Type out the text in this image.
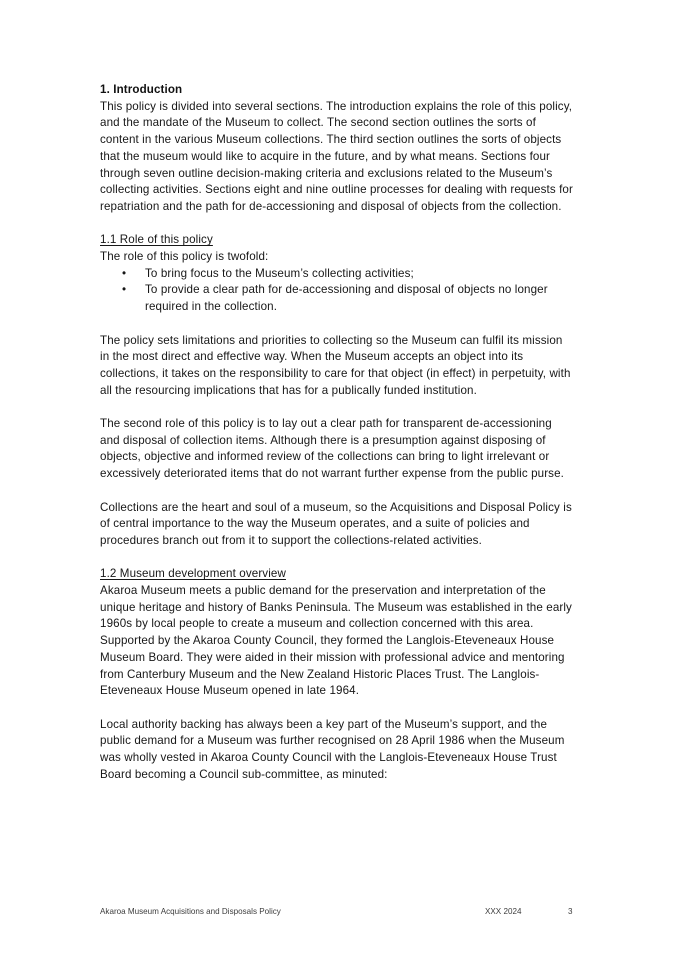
1. Introduction

This policy is divided into several sections. The introduction explains the role of this policy, and the mandate of the Museum to collect. The second section outlines the sorts of content in the various Museum collections. The third section outlines the sorts of objects that the museum would like to acquire in the future, and by what means. Sections four through seven outline decision-making criteria and exclusions related to the Museum’s collecting activities. Sections eight and nine outline processes for dealing with requests for repatriation and the path for de-accessioning and disposal of objects from the collection.

1.1 Role of this policy

The role of this policy is twofold:

• To bring focus to the Museum’s collecting activities;
• To provide a clear path for de-accessioning and disposal of objects no longer required in the collection.

The policy sets limitations and priorities to collecting so the Museum can fulfil its mission in the most direct and effective way. When the Museum accepts an object into its collections, it takes on the responsibility to care for that object (in effect) in perpetuity, with all the resourcing implications that has for a publically funded institution.

The second role of this policy is to lay out a clear path for transparent de-accessioning and disposal of collection items. Although there is a presumption against disposing of objects, objective and informed review of the collections can bring to light irrelevant or excessively deteriorated items that do not warrant further expense from the public purse.

Collections are the heart and soul of a museum, so the Acquisitions and Disposal Policy is of central importance to the way the Museum operates, and a suite of policies and procedures branch out from it to support the collections-related activities.

1.2 Museum development overview

Akaroa Museum meets a public demand for the preservation and interpretation of the unique heritage and history of Banks Peninsula. The Museum was established in the early 1960s by local people to create a museum and collection concerned with this area. Supported by the Akaroa County Council, they formed the Langlois-Eteveneaux House Museum Board. They were aided in their mission with professional advice and mentoring from Canterbury Museum and the New Zealand Historic Places Trust. The Langlois-Eteveneaux House Museum opened in late 1964.

Local authority backing has always been a key part of the Museum’s support, and the public demand for a Museum was further recognised on 28 April 1986 when the Museum was wholly vested in Akaroa County Council with the Langlois-Eteveneaux House Trust Board becoming a Council sub-committee, as minuted:

Akaroa Museum Acquisitions and Disposals Policy	XXX 2024	3
